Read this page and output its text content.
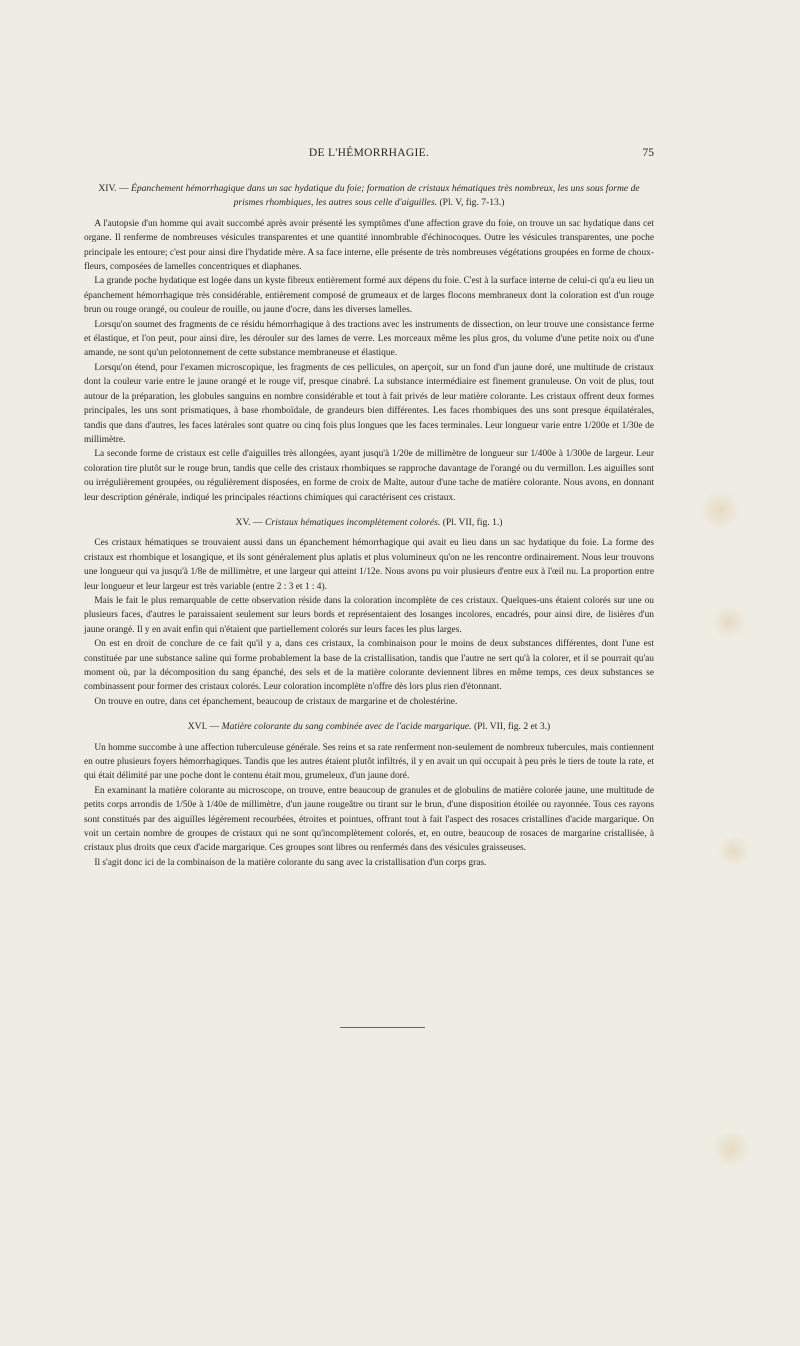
DE L'HÉMORRHAGIE.	75
XIV. — Épanchement hémorrhagique dans un sac hydatique du foie; formation de cristaux hématiques très nombreux, les uns sous forme de prismes rhombiques, les autres sous celle d'aiguilles. (Pl. V, fig. 7-13.)

A l'autopsie d'un homme qui avait succombé après avoir présenté les symptômes d'une affection grave du foie, on trouve un sac hydatique dans cet organe. Il renferme de nombreuses vésicules transparentes et une quantité innombrable d'échinocoques. Outre les vésicules transparentes, une poche principale les entoure; c'est pour ainsi dire l'hydatide mère. A sa face interne, elle présente de très nombreuses végétations groupées en forme de choux-fleurs, composées de lamelles concentriques et diaphanes.

La grande poche hydatique est logée dans un kyste fibreux entièrement formé aux dépens du foie. C'est à la surface interne de celui-ci qu'a eu lieu un épanchement hémorrhagique très considérable, entièrement composé de grumeaux et de larges flocons membraneux dont la coloration est d'un rouge brun ou rouge orangé, ou couleur de rouille, ou jaune d'ocre, dans les diverses lamelles.

Lorsqu'on soumet des fragments de ce résidu hémorrhagique à des tractions avec les instruments de dissection, on leur trouve une consistance ferme et élastique, et l'on peut, pour ainsi dire, les dérouler sur des lames de verre. Les morceaux même les plus gros, du volume d'une petite noix ou d'une amande, ne sont qu'un pelotonnement de cette substance membraneuse et élastique.

Lorsqu'on étend, pour l'examen microscopique, les fragments de ces pellicules, on aperçoit, sur un fond d'un jaune doré, une multitude de cristaux dont la couleur varie entre le jaune orangé et le rouge vif, presque cinabré. La substance intermédiaire est finement granuleuse. On voit de plus, tout autour de la préparation, les globules sanguins en nombre considérable et tout à fait privés de leur matière colorante. Les cristaux offrent deux formes principales, les uns sont prismatiques, à base rhomboïdale, de grandeurs bien différentes. Les faces rhombiques des uns sont presque équilatérales, tandis que dans d'autres, les faces latérales sont quatre ou cinq fois plus longues que les faces terminales. Leur longueur varie entre 1/200e et 1/30e de millimètre.

La seconde forme de cristaux est celle d'aiguilles très allongées, ayant jusqu'à 1/20e de millimètre de longueur sur 1/400e à 1/300e de largeur. Leur coloration tire plutôt sur le rouge brun, tandis que celle des cristaux rhombiques se rapproche davantage de l'orangé ou du vermillon. Les aiguilles sont ou irrégulièrement groupées, ou régulièrement disposées, en forme de croix de Malte, autour d'une tache de matière colorante. Nous avons, en donnant leur description générale, indiqué les principales réactions chimiques qui caractérisent ces cristaux.

XV. — Cristaux hématiques incomplètement colorés. (Pl. VII, fig. 1.)

Ces cristaux hématiques se trouvaient aussi dans un épanchement hémorrhagique qui avait eu lieu dans un sac hydatique du foie. La forme des cristaux est rhombique et losangique, et ils sont généralement plus aplatis et plus volumineux qu'on ne les rencontre ordinairement. Nous leur trouvons une longueur qui va jusqu'à 1/8e de millimètre, et une largeur qui atteint 1/12e. Nous avons pu voir plusieurs d'entre eux à l'œil nu. La proportion entre leur longueur et leur largeur est très variable (entre 2 : 3 et 1 : 4).

Mais le fait le plus remarquable de cette observation réside dans la coloration incomplète de ces cristaux. Quelques-uns étaient colorés sur une ou plusieurs faces, d'autres le paraissaient seulement sur leurs bords et représentaient des losanges incolores, encadrés, pour ainsi dire, de lisières d'un jaune orangé. Il y en avait enfin qui n'étaient que partiellement colorés sur leurs faces les plus larges.

On est en droit de conclure de ce fait qu'il y a, dans ces cristaux, la combinaison pour le moins de deux substances différentes, dont l'une est constituée par une substance saline qui forme probablement la base de la cristallisation, tandis que l'autre ne sert qu'à la colorer, et il se pourrait qu'au moment où, par la décomposition du sang épanché, des sels et de la matière colorante deviennent libres en même temps, ces deux substances se combinassent pour former des cristaux colorés. Leur coloration incomplète n'offre dès lors plus rien d'étonnant.

On trouve en outre, dans cet épanchement, beaucoup de cristaux de margarine et de cholestérine.

XVI. — Matière colorante du sang combinée avec de l'acide margarique. (Pl. VII, fig. 2 et 3.)

Un homme succombe à une affection tuberculeuse générale. Ses reins et sa rate renferment non-seulement de nombreux tubercules, mais contiennent en outre plusieurs foyers hémorrhagiques. Tandis que les autres étaient plutôt infiltrés, il y en avait un qui occupait à peu près le tiers de toute la rate, et qui était délimité par une poche dont le contenu était mou, grumeleux, d'un jaune doré.

En examinant la matière colorante au microscope, on trouve, entre beaucoup de granules et de globulins de matière colorée jaune, une multitude de petits corps arrondis de 1/50e à 1/40e de millimètre, d'un jaune rougeâtre ou tirant sur le brun, d'une disposition étoilée ou rayonnée. Tous ces rayons sont constitués par des aiguilles légèrement recourbées, étroites et pointues, offrant tout à fait l'aspect des rosaces cristallines d'acide margarique. On voit un certain nombre de groupes de cristaux qui ne sont qu'incomplètement colorés, et, en outre, beaucoup de rosaces de margarine cristallisée, à cristaux plus droits que ceux d'acide margarique. Ces groupes sont libres ou renfermés dans des vésicules graisseuses.

Il s'agit donc ici de la combinaison de la matière colorante du sang avec la cristallisation d'un corps gras.
